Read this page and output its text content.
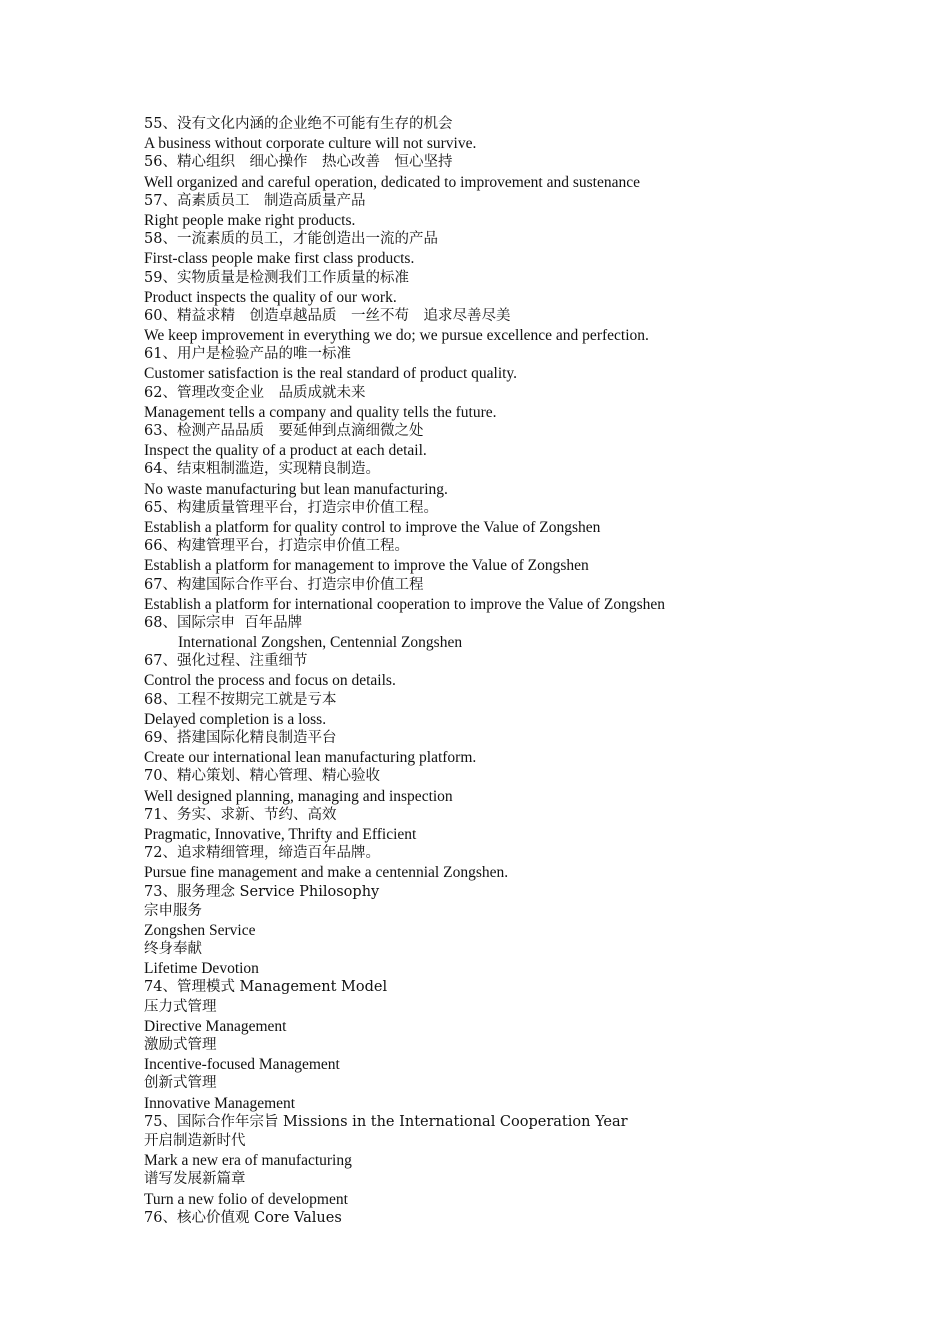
55、没有文化内涵的企业绝不可能有生存的机会
A business without corporate culture will not survive.
56、精心组织　细心操作　热心改善　恒心坚持
Well organized and careful operation, dedicated to improvement and sustenance
57、高素质员工　制造高质量产品
Right people make right products.
58、一流素质的员工，才能创造出一流的产品
First-class people make first class products.
59、实物质量是检测我们工作质量的标准
Product inspects the quality of our work.
60、精益求精　创造卓越品质　一丝不苟　追求尽善尽美
We keep improvement in everything we do; we pursue excellence and perfection.
61、用户是检验产品的唯一标准
Customer satisfaction is the real standard of product quality.
62、管理改变企业　品质成就未来
Management tells a company and quality tells the future.
63、检测产品品质　要延伸到点滴细微之处
Inspect the quality of a product at each detail.
64、结束粗制滥造，实现精良制造。
No waste manufacturing but lean manufacturing.
65、构建质量管理平台，打造宗申价值工程。
Establish a platform for quality control to improve the Value of Zongshen
66、构建管理平台，打造宗申价值工程。
Establish a platform for management to improve the Value of Zongshen
67、构建国际合作平台、打造宗申价值工程
Establish a platform for international cooperation to improve the Value of Zongshen
68、国际宗申  百年品牌
International Zongshen, Centennial Zongshen
67、强化过程、注重细节
Control the process and focus on details.
68、工程不按期完工就是亏本
Delayed completion is a loss.
69、搭建国际化精良制造平台
Create our international lean manufacturing platform.
70、精心策划、精心管理、精心验收
Well designed planning, managing and inspection
71、务实、求新、节约、高效
Pragmatic, Innovative, Thrifty and Efficient
72、追求精细管理，缔造百年品牌。
Pursue fine management and make a centennial Zongshen.
73、服务理念 Service Philosophy
宗申服务
Zongshen Service
终身奉献
Lifetime Devotion
74、管理模式 Management Model
压力式管理
Directive Management
激励式管理
Incentive-focused Management
创新式管理
Innovative Management
75、国际合作年宗旨 Missions in the International Cooperation Year
开启制造新时代
Mark a new era of manufacturing
谱写发展新篇章
Turn a new folio of development
76、核心价值观 Core Values
